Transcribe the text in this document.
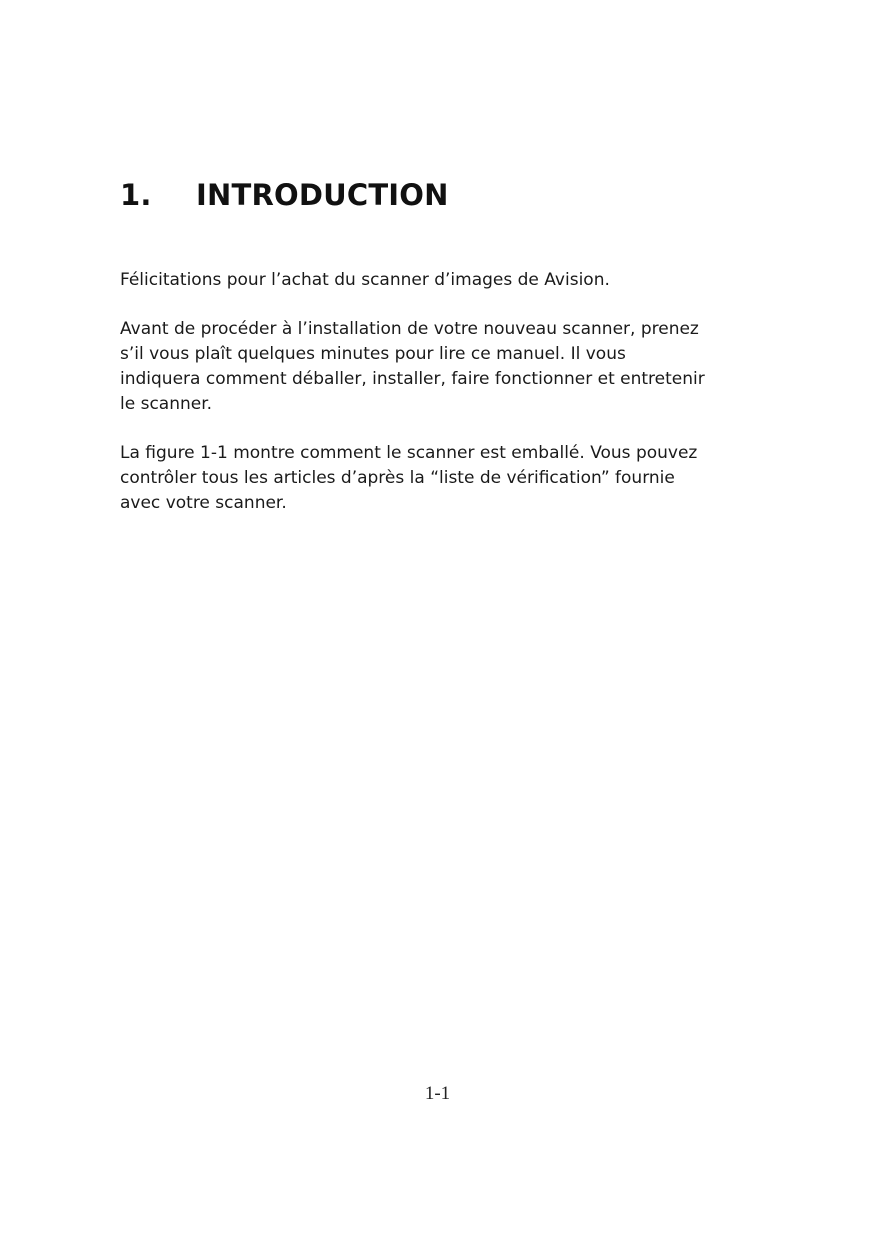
1.	INTRODUCTION

Félicitations pour l’achat du scanner d’images de Avision.

Avant de procéder à l’installation de votre nouveau scanner, prenez
s’il vous plaît quelques minutes pour lire ce manuel. Il vous
indiquera comment déballer, installer, faire fonctionner et entretenir
le scanner.

La figure 1-1 montre comment le scanner est emballé. Vous pouvez
contrôler tous les articles d’après la “liste de vérification” fournie
avec votre scanner.

1-1
